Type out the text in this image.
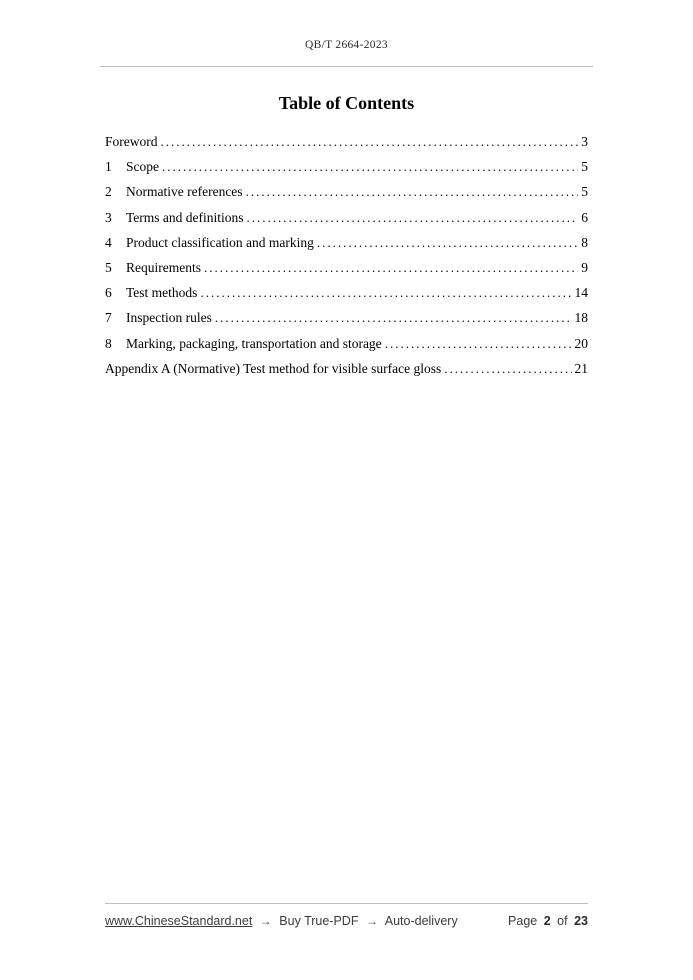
QB/T 2664-2023
Table of Contents
Foreword .....	3
1	Scope .....	5
2	Normative references .....	5
3	Terms and definitions .....	6
4	Product classification and marking .....	8
5	Requirements .....	9
6	Test methods .....	14
7	Inspection rules .....	18
8	Marking, packaging, transportation and storage .....	20
Appendix A (Normative) Test method for visible surface gloss .....	21
www.ChineseStandard.net → Buy True-PDF → Auto-delivery	Page 2 of 23
